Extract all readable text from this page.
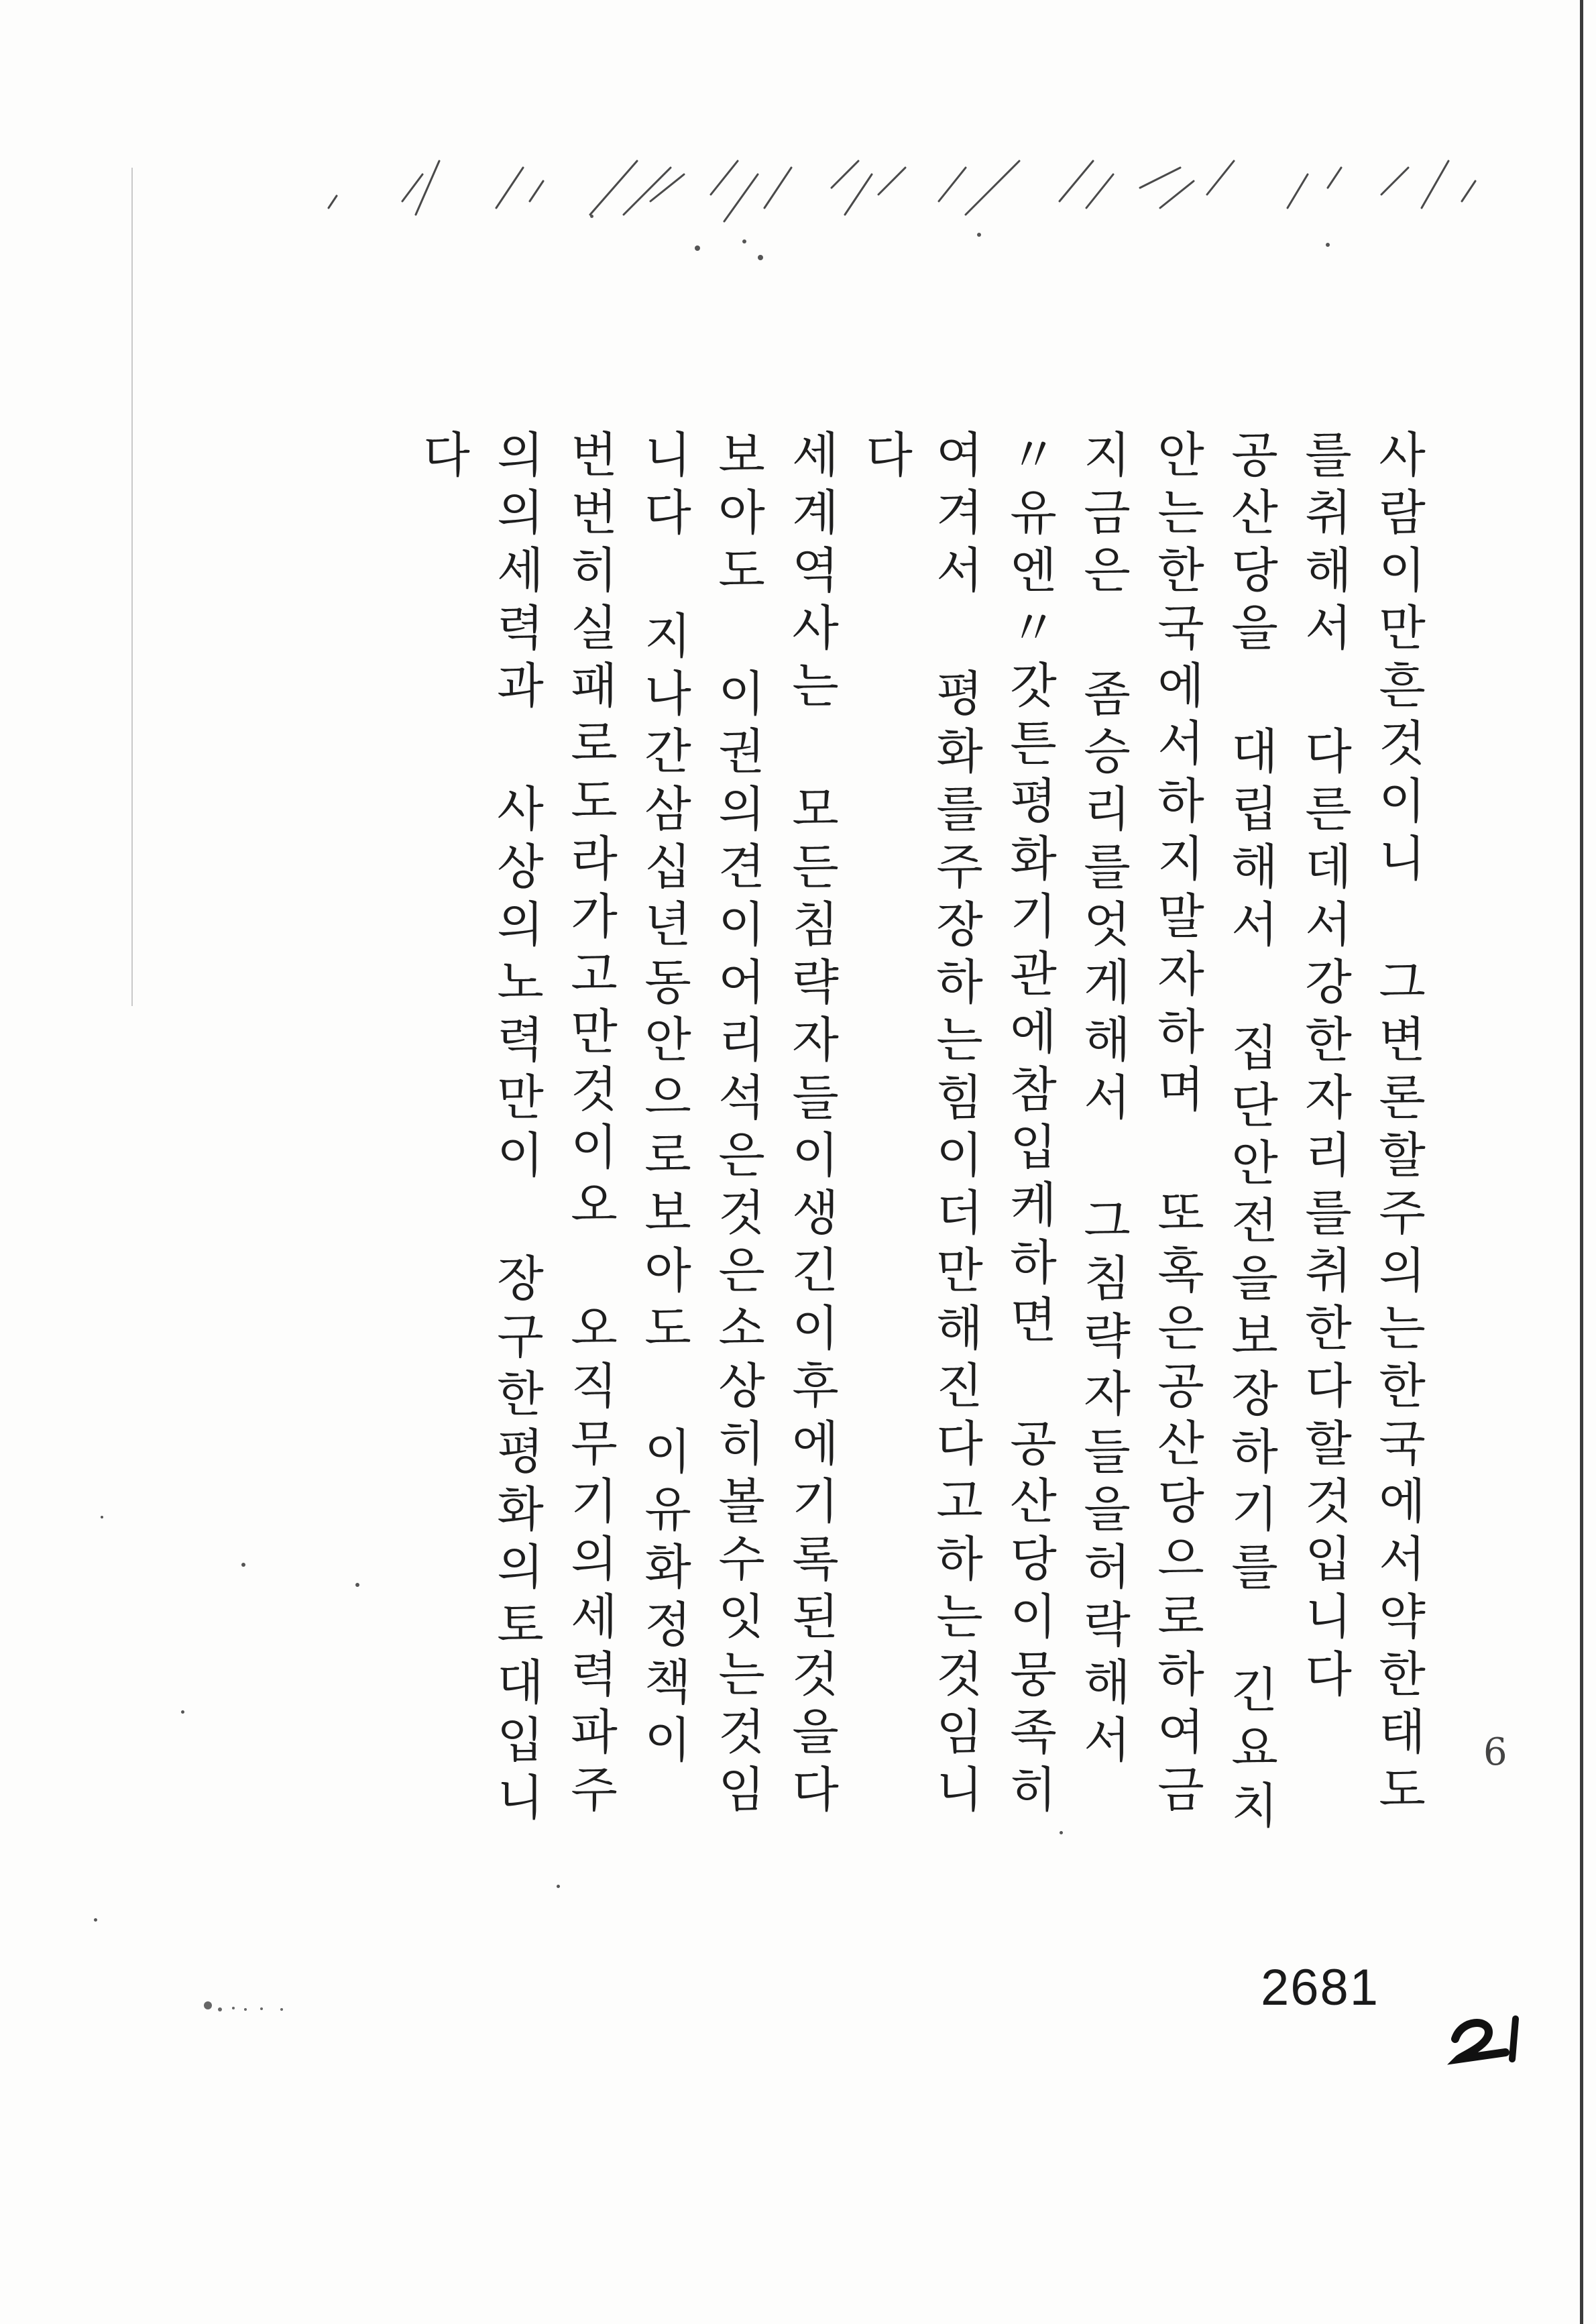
사람이만흔것이니 그변론할주의는한국에서약한태도
를취해서 다른데서강한자리를취한다할것입니다
공산당을 대립해서 집단안전을보장하기를 긴요치
안는한국에서하지말자하며 또혹은공산당으로하여금
지금은 좀승리를엇게해서 그침략자들을허락해서
〃유엔〃갓튼평화기관에참입케하면 공산당이뭉족히
여겨서 평화를주장하는힘이더만해진다고하는것임니
다
세계역사는 모든침략자들이생긴이후에기록된것을다
보아도 이권의견이어리석은것은소상히볼수잇는것임
니다 지나간삼십년동안으로보아도 이유화정책이
번번히실패로도라가고만것이오 오직무기의세력파주
의의세력과 사상의노력만이 장구한평화의토대입니
다
6
2681
